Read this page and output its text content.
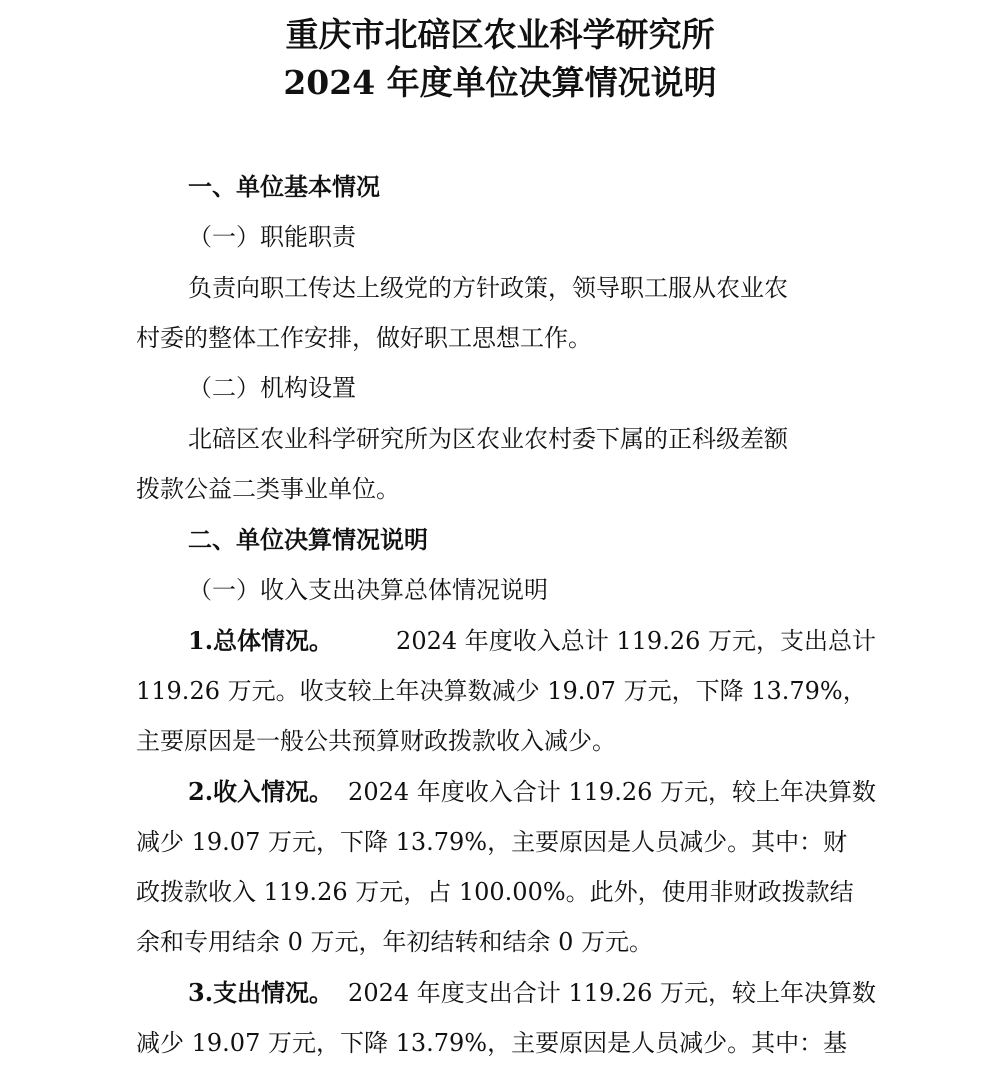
重庆市北碚区农业科学研究所
2024 年度单位决算情况说明
一、单位基本情况
（一）职能职责
负责向职工传达上级党的方针政策，领导职工服从农业农
村委的整体工作安排，做好职工思想工作。
（二）机构设置
北碚区农业科学研究所为区农业农村委下属的正科级差额
拨款公益二类事业单位。
二、单位决算情况说明
（一）收入支出决算总体情况说明
1.总体情况。	2024 年度收入总计 119.26 万元，支出总计
119.26 万元。收支较上年决算数减少 19.07 万元，下降 13.79%，
主要原因是一般公共预算财政拨款收入减少。
2.收入情况。 2024 年度收入合计 119.26 万元，较上年决算数
减少 19.07 万元，下降 13.79%，主要原因是人员减少。其中：财
政拨款收入 119.26 万元，占 100.00%。此外，使用非财政拨款结
余和专用结余 0 万元，年初结转和结余 0 万元。
3.支出情况。 2024 年度支出合计 119.26 万元，较上年决算数
减少 19.07 万元，下降 13.79%，主要原因是人员减少。其中：基
